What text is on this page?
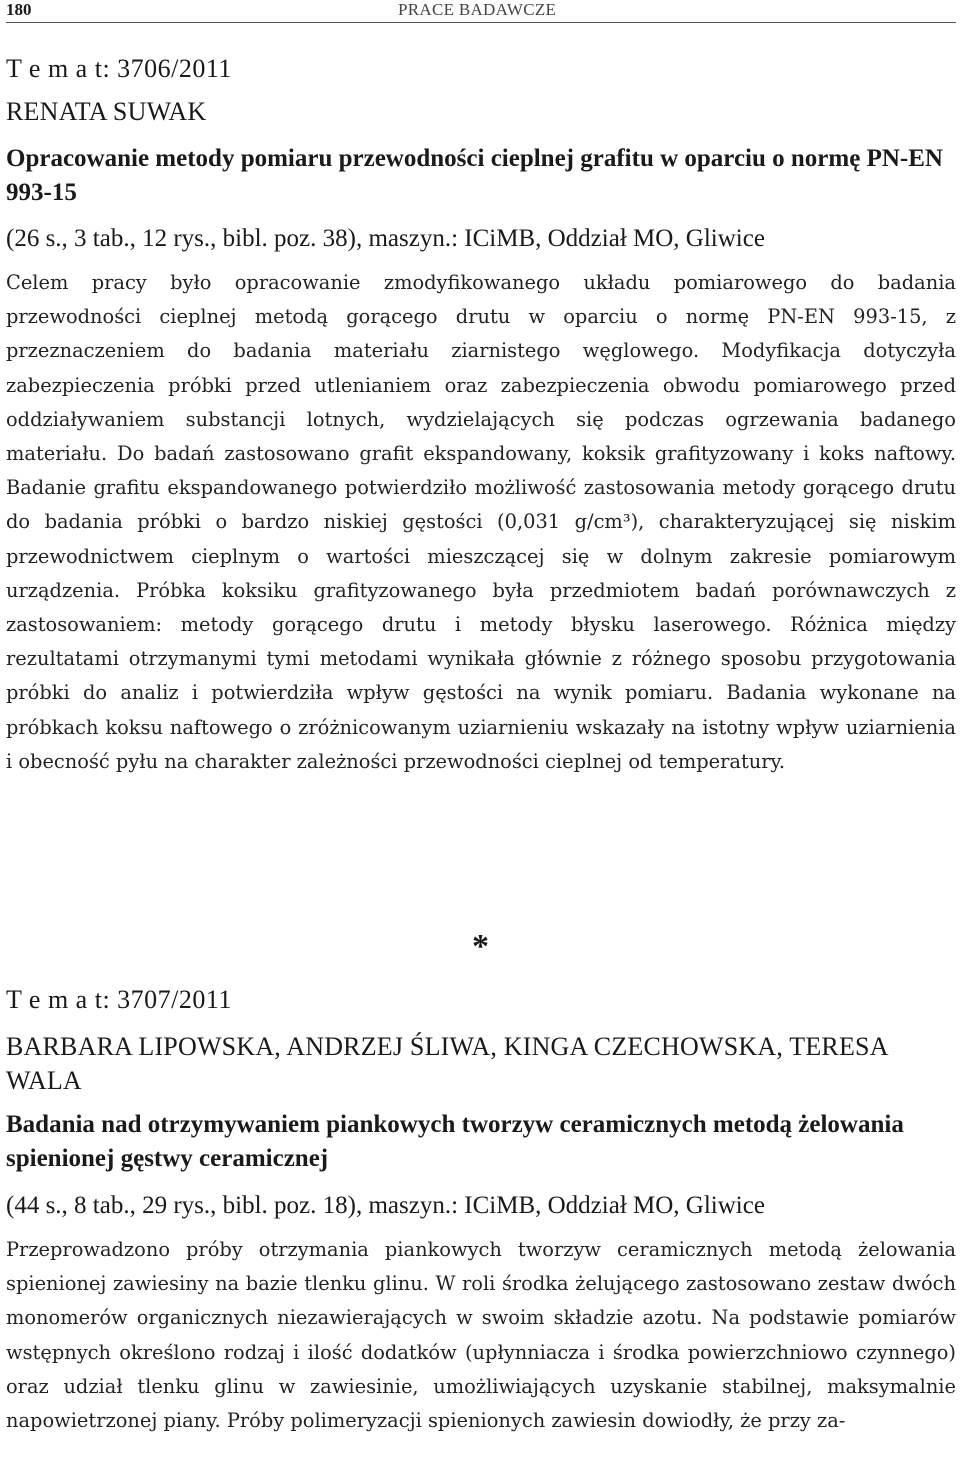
180	PRACE BADAWCZE

T e m a t: 3706/2011

RENATA SUWAK

Opracowanie metody pomiaru przewodności cieplnej grafitu w oparciu o normę PN-EN 993-15

(26 s., 3 tab., 12 rys., bibl. poz. 38), maszyn.: ICiMB, Oddział MO, Gliwice

Celem pracy było opracowanie zmodyfikowanego układu pomiarowego do badania przewodności cieplnej metodą gorącego drutu w oparciu o normę PN-EN 993-15, z przeznaczeniem do badania materiału ziarnistego węglowego. Modyfikacja dotyczyła zabezpieczenia próbki przed utlenianiem oraz zabezpieczenia obwodu pomiarowego przed oddziaływaniem substancji lotnych, wydzielających się podczas ogrzewania badanego materiału. Do badań zastosowano grafit ekspandowany, koksik grafityzowany i koks naftowy. Badanie grafitu ekspandowanego potwierdziło możliwość zastosowania metody gorącego drutu do badania próbki o bardzo niskiej gęstości (0,031 g/cm³), charakteryzującej się niskim przewodnictwem cieplnym o wartości mieszczącej się w dolnym zakresie pomiarowym urządzenia. Próbka koksiku grafityzowanego była przedmiotem badań porównawczych z zastosowaniem: metody gorącego drutu i metody błysku laserowego. Różnica między rezultatami otrzymanymi tymi metodami wynikała głównie z różnego sposobu przygotowania próbki do analiz i potwierdziła wpływ gęstości na wynik pomiaru. Badania wykonane na próbkach koksu naftowego o zróżnicowanym uziarnieniu wskazały na istotny wpływ uziarnienia i obecność pyłu na charakter zależności przewodności cieplnej od temperatury.

*

T e m a t: 3707/2011

BARBARA LIPOWSKA, ANDRZEJ ŚLIWA, KINGA CZECHOWSKA, TERESA WALA

Badania nad otrzymywaniem piankowych tworzyw ceramicznych metodą żelowania spienionej gęstwy ceramicznej

(44 s., 8 tab., 29 rys., bibl. poz. 18), maszyn.: ICiMB, Oddział MO, Gliwice

Przeprowadzono próby otrzymania piankowych tworzyw ceramicznych metodą żelowania spienionej zawiesiny na bazie tlenku glinu. W roli środka żelującego zastosowano zestaw dwóch monomerów organicznych niezawierających w swoim składzie azotu. Na podstawie pomiarów wstępnych określono rodzaj i ilość dodatków (upłynniacza i środka powierzchniowo czynnego) oraz udział tlenku glinu w zawiesinie, umożliwiających uzyskanie stabilnej, maksymalnie napowietrzonej piany. Próby polimeryzacji spienionych zawiesin dowiodły, że przy za-
